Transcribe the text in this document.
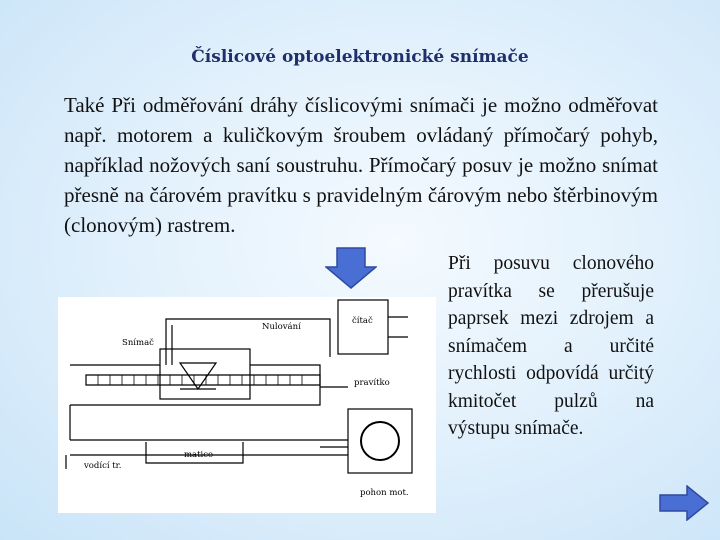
Číslicové optoelektronické snímače

Také Při odměřování dráhy číslicovými snímači je možno odměřovat např. motorem a kuličkovým šroubem ovládaný přímočarý pohyb, například nožových saní soustruhu. Přímočarý posuv je možno snímat přesně na čárovém pravítku s pravidelným čárovým nebo štěrbinovým (clonovým) rastrem.

Při posuvu clonového pravítka se přerušuje paprsek mezi zdrojem a snímačem a určité rychlosti odpovídá určitý kmitočet pulzů na výstupu snímače.

Snímač
Nulování
čítač
pravítko
matice
vodící tr.
pohon mot.
